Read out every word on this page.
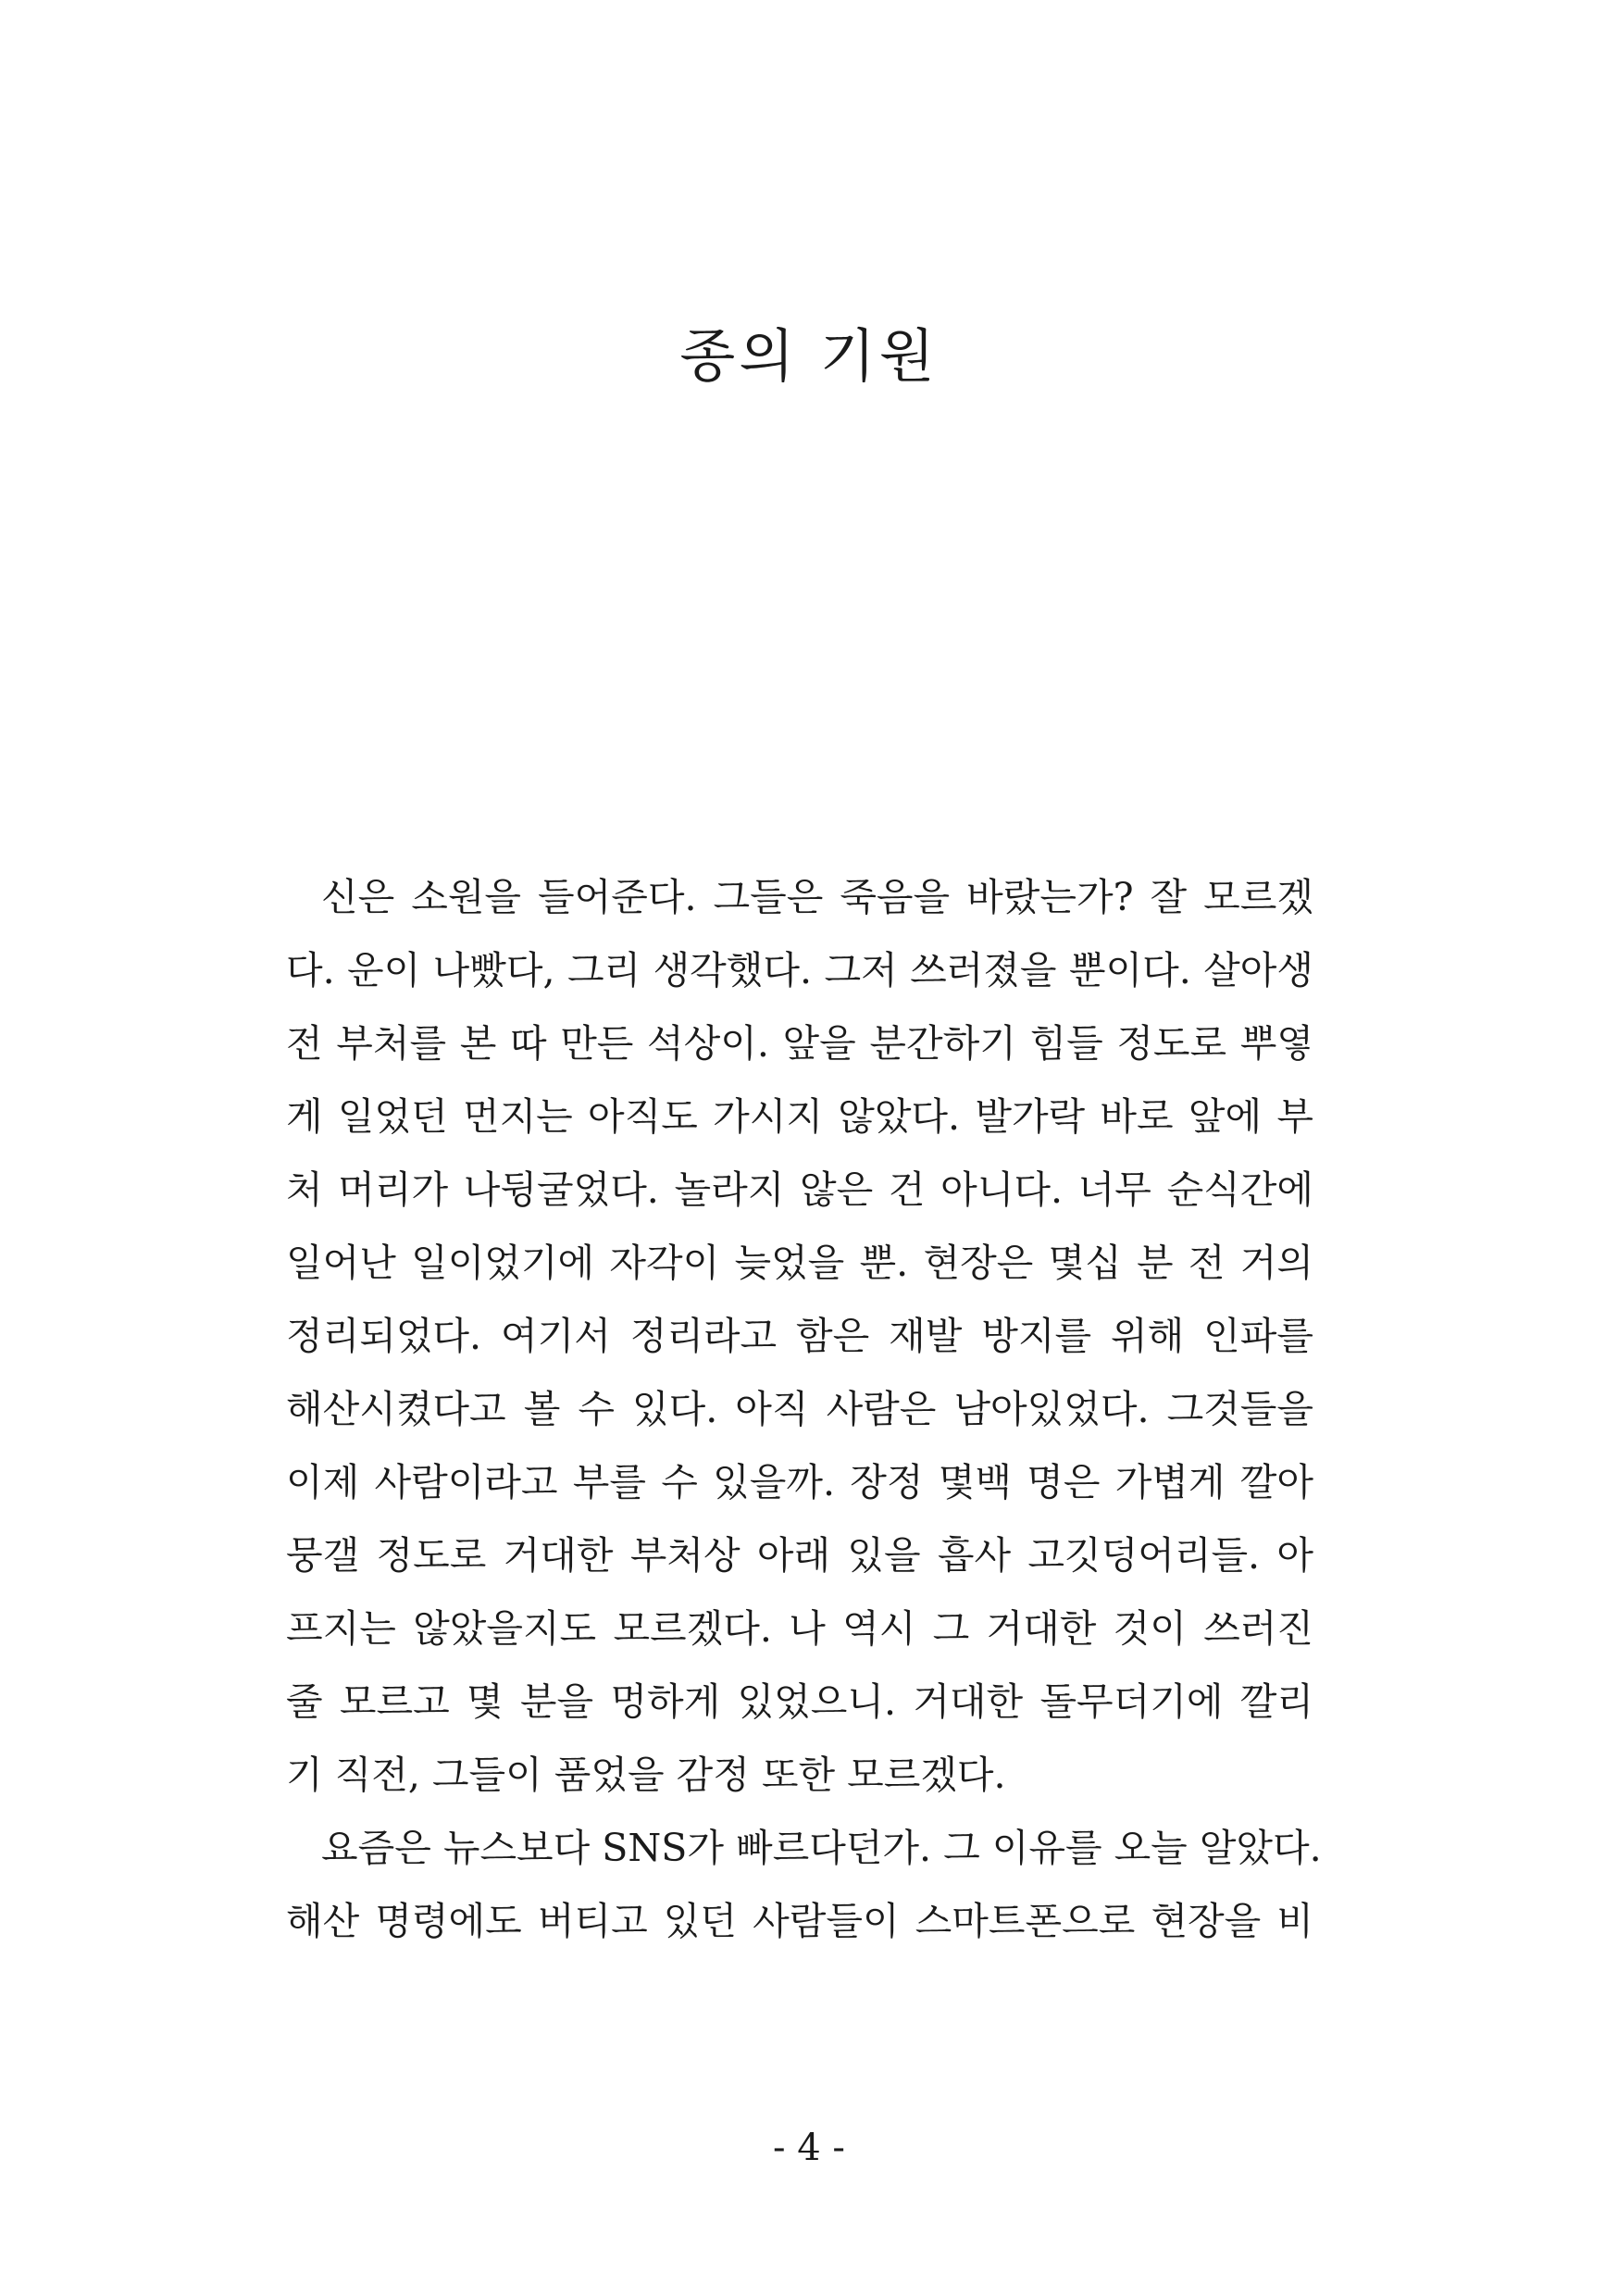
종의 기원
신은 소원을 들어준다. 그들은 죽음을 바랐는가? 잘 모르겠
다. 운이 나빴다, 그리 생각했다. 그저 쓰러졌을 뿐이다. 살아생
전 부처를 본 따 만든 석상이. 앞을 분간하기 힘들 정도로 뿌옇
게 일었던 먼지는 아직도 가시지 않았다. 발가락 바로 앞에 부
처 머리가 나뒹굴었다. 놀라지 않은 건 아니다. 너무 순식간에
일어난 일이었기에 자각이 늦었을 뿐. 현장은 몇십 분 전 거의
정리되었다. 여기서 정리라고 함은 재발 방지를 위해 인파를
해산시켰다고 볼 수 있다. 아직 사람은 남아있었다. 그것들을
이제 사람이라고 부를 수 있을까. 장정 몇백 명은 가볍게 깔아
뭉갤 정도로 거대한 부처상 아래 있을 흡사 고깃덩어리들. 아
프지는 않았을지도 모르겠다. 나 역시 그 거대한 것이 쓰러진
줄 모르고 몇 분을 멍하게 있었으니. 거대한 돌무더기에 깔리
기 직전, 그들이 품었을 감정 또한 모르겠다.
요즘은 뉴스보다 SNS가 빠르다던가. 그 이유를 오늘 알았다.
해산 명령에도 버티고 있던 사람들이 스마트폰으로 현장을 비
- 4 -
